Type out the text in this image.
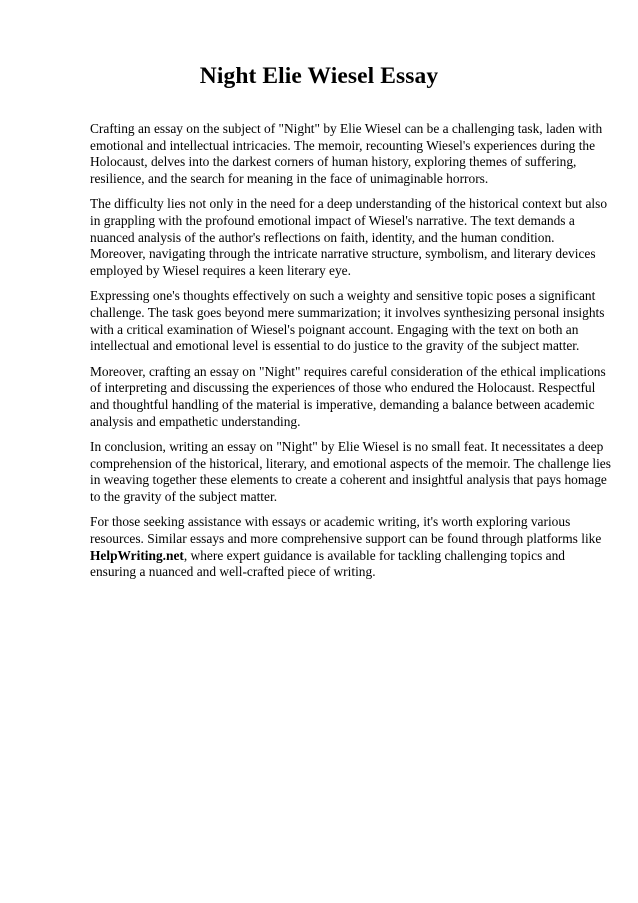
Night Elie Wiesel Essay

Crafting an essay on the subject of "Night" by Elie Wiesel can be a challenging task, laden with
emotional and intellectual intricacies. The memoir, recounting Wiesel's experiences during the
Holocaust, delves into the darkest corners of human history, exploring themes of suffering,
resilience, and the search for meaning in the face of unimaginable horrors.

The difficulty lies not only in the need for a deep understanding of the historical context but also
in grappling with the profound emotional impact of Wiesel's narrative. The text demands a
nuanced analysis of the author's reflections on faith, identity, and the human condition.
Moreover, navigating through the intricate narrative structure, symbolism, and literary devices
employed by Wiesel requires a keen literary eye.

Expressing one's thoughts effectively on such a weighty and sensitive topic poses a significant
challenge. The task goes beyond mere summarization; it involves synthesizing personal insights
with a critical examination of Wiesel's poignant account. Engaging with the text on both an
intellectual and emotional level is essential to do justice to the gravity of the subject matter.

Moreover, crafting an essay on "Night" requires careful consideration of the ethical implications
of interpreting and discussing the experiences of those who endured the Holocaust. Respectful
and thoughtful handling of the material is imperative, demanding a balance between academic
analysis and empathetic understanding.

In conclusion, writing an essay on "Night" by Elie Wiesel is no small feat. It necessitates a deep
comprehension of the historical, literary, and emotional aspects of the memoir. The challenge lies
in weaving together these elements to create a coherent and insightful analysis that pays homage
to the gravity of the subject matter.

For those seeking assistance with essays or academic writing, it's worth exploring various
resources. Similar essays and more comprehensive support can be found through platforms like
HelpWriting.net, where expert guidance is available for tackling challenging topics and
ensuring a nuanced and well-crafted piece of writing.
